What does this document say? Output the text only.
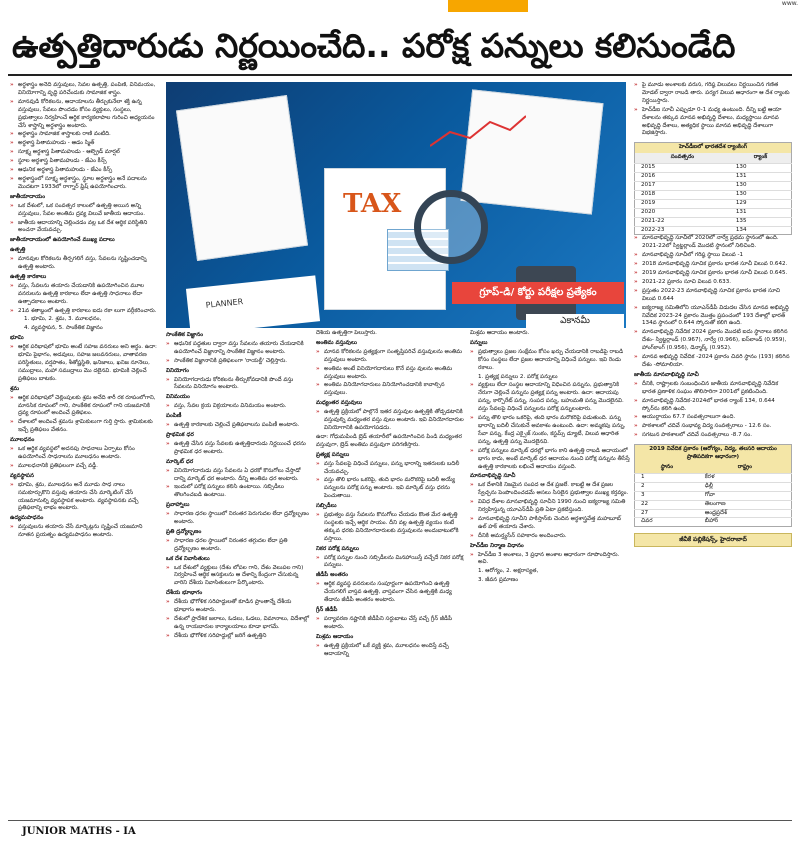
www.
ఉత్పత్తిదారుడు నిర్ణయించేది.. పరోక్ష పన్నులు కలిసుండేది

» అర్థశాస్త్రం అనేది వస్తువులు, సేవల ఉత్పత్తి, పంపిణీ, వినిమయం, వినియోగాన్ని వృద్ధి పరిచేందుకు సామాజిక శాస్త్రం.

» మానవుడి కోరికలను, ఆదాయాలను తీర్చుకునేలా శక్తి ఉన్న వస్తువులు, సేవలు పొందడం కోసం వ్యక్తులు, సంస్థలు, ప్రభుత్వాలు నిర్వహించే ఆర్థిక కార్యకలాపాల గురించి అధ్యయనం చేసే శాస్త్రాన్ని అర్థశాస్త్రం అంటారు.

» అర్థశాస్త్రం సామాజిక శాస్త్రాలకు రాణి వంటిది.

» అర్థశాస్త్ర పితామహుడు - ఆడం స్మిత్

» సూక్ష్మ అర్థశాస్త్ర పితామహుడు - ఆల్ఫ్రెడ్ మార్షల్

» స్థూల అర్థశాస్త్ర పితామహుడు - జేఎం కీన్స్

» ఆధునిక అర్థశాస్త్ర పితామహుడు - జేఎం కీన్స్

» అర్థశాస్త్రంలో సూక్ష్మ అర్థశాస్త్రం, స్థూల అర్థశాస్త్రం అనే పదాలను మొదటగా 1933లో రాగ్నార్ ఫ్రిష్ ఉపయోగించారు.

జాతీయాదాయం

» ఒక దేశంలో, ఒక సంవత్సర కాలంలో ఉత్పత్తి అయిన అన్ని వస్తువులు, సేవల అంతిమ ద్రవ్య విలువే జాతీయ ఆదాయం.

» జాతీయ ఆదాయాన్ని చెల్లించడం వల్ల ఒక దేశ ఆర్థిక పరిస్థితిని అంచనా వేయవచ్చు.

జాతీయాదాయంలో ఉపయోగించే ముఖ్య పదాలు

ఉత్పత్తి

» మానవుల కోరికలను తీర్చగలిగే వస్తు, సేవలను సృష్టించడాన్ని ఉత్పత్తి అంటారు.

ఉత్పత్తి కారకాలు

» వస్తు, సేవలను తయారు చేయడానికి ఉపయోగించిన మూల వనరులను ఉత్పత్తి కారకాలు లేదా ఉత్పత్తి సాధనాలు లేదా ఉత్పాదకాలు అంటారు.

» 21వ శతాబ్దంలో ఉత్పత్తి కారకాలు ఐదు రకా లుగా వర్గీకరించారు.

1. భూమి, 2. శ్రమ, 3. మూలధనం,

4. వ్యవస్థాపన, 5. సాంకేతిక విజ్ఞానం

భూమి

» ఆర్థిక పరిభాషలో భూమి అంటే సహజ వనరులు అని అర్థం. ఉదా: భూమి పైభాగం, అడవులు, సహజ జలవనరులు, వాతావరణ పరిస్థితులు, వర్షపాతం, శీతోష్ణస్థితి, ఖనిజాలు, ఖనిజ నూనెలు, సముద్రాలు, మహా సముద్రాలు మొ దలైనవి. భూమికి చెల్లించే ప్రతిఫలం బాటకం.

శ్రమ

» ఆర్థిక పరిభాషలో చెల్లింపులకు శ్రమ అనేది శారీ రక రూపంలోగాని, మానసిక రూపంలో గాని, సాంకేతిక రూపంలో గాని యజమానికి ద్రవ్య రూపంలో అందించే ప్రతిఫలం.

» దేశాలలో అందించే శ్రమను శ్రామికులుగా గుర్తి స్తారు. శ్రామికులకు ఇచ్చే ప్రతిఫలం వేతనం.

మూలధనం

» ఒక ఆర్థిక వ్యవస్థలో అదనపు సాధనాలు ఏర్పాటు కోసం ఉపయోగించే సాధనాలను మూలధనం అంటారు.

» మూలధనానికి ప్రతిఫలంగా వచ్చే వడ్డీ.

వ్యవస్థాపన

» భూమి, శ్రమ, మూలధనం అనే మూడు సాధ నాలు సమకూర్చుకొని వస్తువు తయారు చేసి మార్కెటింగ్ చేసే యజమానుల్ని వ్యవస్థాపక అంటారు. వ్యవస్థాపనకు వచ్చే ప్రతిఫలాన్ని లాభం అంటారు.

ఉద్యమపాధనం

» వస్తువులను తయారు చేసే మార్కెట్లను సృష్టించే యజమాని నూతన ప్రయత్నం ఉద్యమపాధనం అంటారు.

TAX
PLANNER
గ్రూప్‌-డి/ కోర్టు పరీక్షల ప్రత్యేకం
ఎకానమీ

సాంకేతిక విజ్ఞానం

» ఆధునిక పద్ధతుల ద్వారా వస్తు సేవలను తయారు చేయడానికి ఉపయోగించే విజ్ఞానాన్ని సాంకేతిక విజ్ఞానం అంటారు.

» సాంకేతిక విజ్ఞానానికి ప్రతిఫలంగా 'రాయల్టీ' చెల్లిస్తారు.

వినియోగం

» వినియోగదారుడు కోరికలను తీర్చుకోవడానికి పొందే వస్తు సేవలను వినియోగం అంటారు.

వినిమయం

» వస్తు, సేవల క్రయ విక్రయాలను వినిమయం అంటారు.

పంపిణీ

» ఉత్పత్తి కారకాలకు చెల్లించే ప్రతిఫలాలను పంపిణీ అంటారు.

ప్రాథమిక ధర

» ఉత్పత్తి చేసిన వస్తు సేవలకు ఉత్పత్తిదారుడు నిర్ణయించే ధరను ప్రాథమిక ధర అంటారు.

మార్కెట్ ధర

» వినియోగదారుడు వస్తు సేవలను ఏ ధరకో కొనుగోలు చేస్తాడో దాన్ని మార్కెట్ ధర అంటారు. దీన్ని అంతిమ ధర అంటారు.

» ఇందులో పరోక్ష పన్నులు కలిసి ఉంటాయి. సబ్సిడీలు తొలగించబడి ఉంటాయి.

ప్రవాహ్నాలు

» సాధారణ ధరల స్థాయిలో నిరంతర పెరుగుదల లేదా ద్రవ్యోల్బణం అంటారు.

ప్రతి ద్రవ్యోల్బణం

» సాధారణ ధరల స్థాయిలో నిరంతర తగ్గుదల లేదా ప్రతి ద్రవ్యోల్బణం అంటారు.

ఒక దేశ నివాసితులు

» ఒక దేశంలో వ్యక్తులు (దేశం లోపల గాని, దేశం వెలుపల గాని) నిర్వహించే ఆర్థిక ఆసక్తులను ఆ దేశాన్ని కేంద్రంగా చేసుకున్న వారిని దేశీయ నివాసితులుగా పేర్కొంటారు.

దేశీయ భూభాగం

» దేశీయ భౌగోళిక సరిహద్దులతో కూడిన ప్రాంతాన్నే దేశీయ భూభాగం అంటారు.

» దేశంలో ప్రాదేశిక జలాలు, ఓడలు, ఓడలు, విమానాలు, విదేశాల్లో ఉన్న రాయబారుల కార్యాలయాలు కూడా భాగమే.

» దేశీయ భౌగోళిక సరిహద్దుల్లో జరిగే ఉత్పత్తిని

దేశీయ ఉత్పత్తిగా పిలుస్తారు.

అంతిమ వస్తువులు

» మానవ కోరికలను ప్రత్యక్షంగా సంతృప్తిపరిచే వస్తువులను అంతిమ వస్తువులు అంటారు.

» అంతిమ అంటే వినియోగదారులు కొనే వస్తు వులను అంతిమ వస్తువులు అంటారు.

» అంతిమ వినియోగదారులు వినియోగించడానికి కావాల్సిన వస్తువులు.

మధ్యంతర వస్తువులు

» ఉత్పత్తి ప్రక్రియలో పాల్గొనే ఇతర వస్తువుల ఉత్పత్తికి తోడ్పడటానికి వస్తువుల్ని మధ్యంతర వస్తు వులు అంటారు. ఇవి వినియోగదారుల వినియోగానికి ఉపయోగపడదు.

ఉదా: గోధుమపిండి బ్రెడ్ తయారీలో ఉపయోగించిన పిండి మధ్యంతర వస్తువుగా, బ్రెడ్ అంతిమ వస్తువుగా పరిగణిస్తారు.

ప్రత్యక్ష పన్నులు

» వస్తు సేవలపై విధించే పన్నులు, పన్ను భారాన్ని ఇతరులకు బదిలీ చేయవచ్చు.

» వస్తు తొలి భారం ఒకరిపై, తుది భారం మరొకరిపై బదిలీ అయ్యే పన్నులను పరోక్ష పన్ను అంటారు. ఇవి మార్కెట్ వస్తు ధరను పెంచుతాయి.

సబ్సిడీలు

» ప్రభుత్వం వస్తు సేవలను కొనుగోలు చేయడం కొంత మేర ఉత్పత్తి సంస్థలకు ఇచ్చే ఆర్థిక సాయం. దీని వల్ల ఉత్పత్తి వ్యయం కంటే తక్కువ ధరకు వినియోగదారులకు వస్తువులను అందుబాటులోకి వస్తాయి.

నికర పరోక్ష పన్నులు

» పరోక్ష పన్నుల నుంచి సబ్సిడీలను మినహాయిస్తే వచ్చేదే నికర పరోక్ష పన్నులు.

జీడీపీ అంతరం

» ఆర్థిక వ్యవస్థ వనరులను సంపూర్ణంగా ఉపయోగించి ఉత్పత్తి చేయగలిగే వాస్తవ ఉత్పత్తి, వాస్తవంగా చేసిన ఉత్పత్తికి మధ్య తేడాను జీడీపీ అంతరం అంటారు.

గ్రీన్ జీడీపీ

» పర్యావరణ నష్టానికి జీడీపీని సర్దుబాటు చేస్తే వచ్చే గ్రీన్ జీడీపీ అంటారు.

మిశ్రమ ఆదాయం

» ఉత్పత్తి ప్రక్రియలో ఒకే వ్యక్తి శ్రమ, మూలధనం అందిస్తే వచ్చే ఆదాయాన్ని

మిశ్రమ ఆదాయం అంటారు.

పన్నులు

» ప్రభుత్వాలు ప్రజల సంక్షేమం కోసం ఖర్చు చేయడానికి రాబడిపై రాబడి కోసం సంస్థలు లేదా ప్రజల ఆదాయాన్ని విధించే పన్నులు. ఇవి రెండు రకాలు.

1. ప్రత్యక్ష పన్నులు 2. పరోక్ష పన్నులు

» వ్యక్తులు లేదా సంస్థల ఆదాయాన్ని విధించిన పన్నును, ప్రభుత్వానికి నేరుగా చెల్లించే పన్నును ప్రత్యక్ష పన్ను అంటారు. ఉదా: ఆదాయపు పన్ను, కార్పొరేట్ పన్ను, సంపద పన్ను, బహుమతి పన్ను మొదలైనవి. వస్తు సేవలపై విధించే పన్నులను పరోక్ష పన్నులంటారు.

» పన్ను తొలి భారం ఒకరిపై, తుది భారం మరొకరిపై పడుతుంది. పన్ను భారాన్ని బదిలీ చేసుకునే అవకాశం ఉంటుంది. ఉదా: అమ్మకపు పన్ను, సేవా పన్ను, కేంద్ర ఎక్సైజ్ సుంకం, కస్టమ్స్ డ్యూటీ, విలువ ఆధారిత పన్ను, ఉత్పత్తి పన్ను మొదలైనవి.

» పరోక్ష పన్నులు మార్కెట్ ధరల్లో భాగం కాని ఉత్పత్తి రాబడి ఆదాయంలో భాగం కాదు, అంటే మార్కెట్ ధర ఆదాయం నుంచి పరోక్ష పన్నును తీసేస్తే ఉత్పత్తి కారకాలకు లభించే ఆదాయం వస్తుంది.

మానవాభివృద్ధి సూచీ

» ఒక దేశానికి నిజమైన సంపద ఆ దేశ ప్రజలే. కాబట్టి ఆ దేశ ప్రజల స్వేచ్ఛను పెంపొందించడమే అసలు సిసలైన ప్రభుత్వాల ముఖ్య కర్తవ్యం.

» వివిధ దేశాల మానవాభివృద్ధి సూచీని 1990 నుంచి ఐక్యరాజ్య సమితి నిర్వహిస్తున్న యూఎన్‌డీపీ ప్రతి ఏటా ప్రకటిస్తుంది.

» మానవాభివృద్ధి సూచీని పాకిస్తాన్‌కు చెందిన అర్థశాస్త్రవేత్త మహబూబ్ ఉల్ హక్ తయారు చేశారు.

» దీనికి అమర్త్యసేన్ సహకారం అందించారు.

హెచ్‌డీఐ నిర్మాణ విధానం

» హెచ్‌డీఐ 3 అంశాలు, 3 ప్రధాన అంశాల ఆధారంగా రూపొందిస్తారు. అవి.

1. ఆరోగ్యం, 2. అక్షరాస్యత,

3. జీవన ప్రమాణం

» పై మూడు అంశాలకు వరుస, గరిష్ఠ విలువలు నిర్ణయించిన గణిత మోడల్ ద్వారా రాబడి తారు. పర్యగ విలువ ఆధారంగా ఆ దేశ ర్యాంకు నిర్ణయిస్తారు.

» హెచ్‌డీఐ సూచీ ఎప్పుడూ 0-1 మధ్య ఉంటుంది. దీన్ని బట్టి ఆయా దేశాలను తక్కువ మానవ అభివృద్ధి దేశాలు, మధ్యస్థాయి మానవ అభివృద్ధి దేశాలు, అత్యధిక స్థాయి మానవ అభివృద్ధి దేశాలుగా విభజిస్తారు.

హెచ్‌డీఐలో భారతదేశ ర్యాంకింగ్	
సంవత్సరం	ర్యాంక్
2015	130
2016	131
2017	130
2018	130
2019	129
2020	131
2021-22	135
2022-23	134

» మానవాభివృద్ధి సూచీలో 2020లో నార్వే ప్రథమ స్థానంలో ఉంది. 2021-22లో స్విట్జర్లాండ్ మొదటి స్థానంలో నిలిచింది.

» మానవాభివృద్ధి సూచీలో గరిష్ఠ స్థాయి విలువ -1

» 2018 మానవాభివృద్ధి సూచిక ప్రకారం భారత సూచీ విలువ 0.642.

» 2019 మానవాభివృద్ధి సూచిక ప్రకారం భారత సూచీ విలువ 0.645.

» 2021-22 ప్రకారం సూచి విలువ 0.633.

» ప్రస్తుతం 2022-23 మానవాభివృద్ధి సూచిక ప్రకారం భారత సూచి విలువ 0.644

» ఐక్యరాజ్య సమితిలోని యూఎన్‌డీపీ విడుదల చేసిన మానవ అభివృద్ధి నివేదిక 2023-24 ప్రకారం మొత్తం ప్రపంచంలో 193 దేశాల్లో భారత్ 134వ స్థానంలో 0.644 స్కోరుతో కలిగి ఉంది.

» మానవాభివృద్ధి నివేదిక 2024 ప్రకారం మొదటి ఐదు స్థానాలు కలిగిన దేశం- స్విట్జర్లాండ్ (0.967), నార్వే (0.966), ఐస్‌లాండ్ (0.959), హాంగ్‌కాంగ్ (0.956), డెన్మార్క్ (0.952).

» మానవ అభివృద్ధి నివేదిక -2024 ప్రకారం చివరి స్థానం (193) కలిగిన దేశం -సోమాలియా.

జాతీయ మానవాభివృద్ధి సూచీ

» దీనికి, రాష్ట్రాలకు సంబంధించిన జాతీయ మానవాభివృద్ధి నివేదిక భారత ప్రణాళిక సంఘం తొలిసారిగా 2001లో ప్రకటించింది.

» మానవాభివృద్ధి నివేదిక-2024లో భారత ర్యాంక్ 134, 0.644 స్కోర్‌ను కలిగి ఉంది.

» ఆయుర్దాయం 67.7 సంవత్సరాలుగా ఉంది.

» పాఠశాలలో చదివే సంభావ్య విద్య సంవత్సరాలు - 12.6 సం.

» సగటున పాఠశాలలో చదివే సంవత్సరాలు -8.7 సం.

2019 నివేదిక ప్రకారం (ఆరోగ్యం, విద్య, తలసరి ఆదాయం ప్రాతిపదికగా ఆధారంగా)	
స్థానం	రాష్ట్రం
1	కేరళ
2	ఢిల్లీ
3	గోవా
22	తెలంగాణ
27	ఆంధ్రప్రదేశ్
చివర	బీహార్
జీవీకే పబ్లికేషన్స్, హైదరాబాద్
JUNIOR MATHS - IA
